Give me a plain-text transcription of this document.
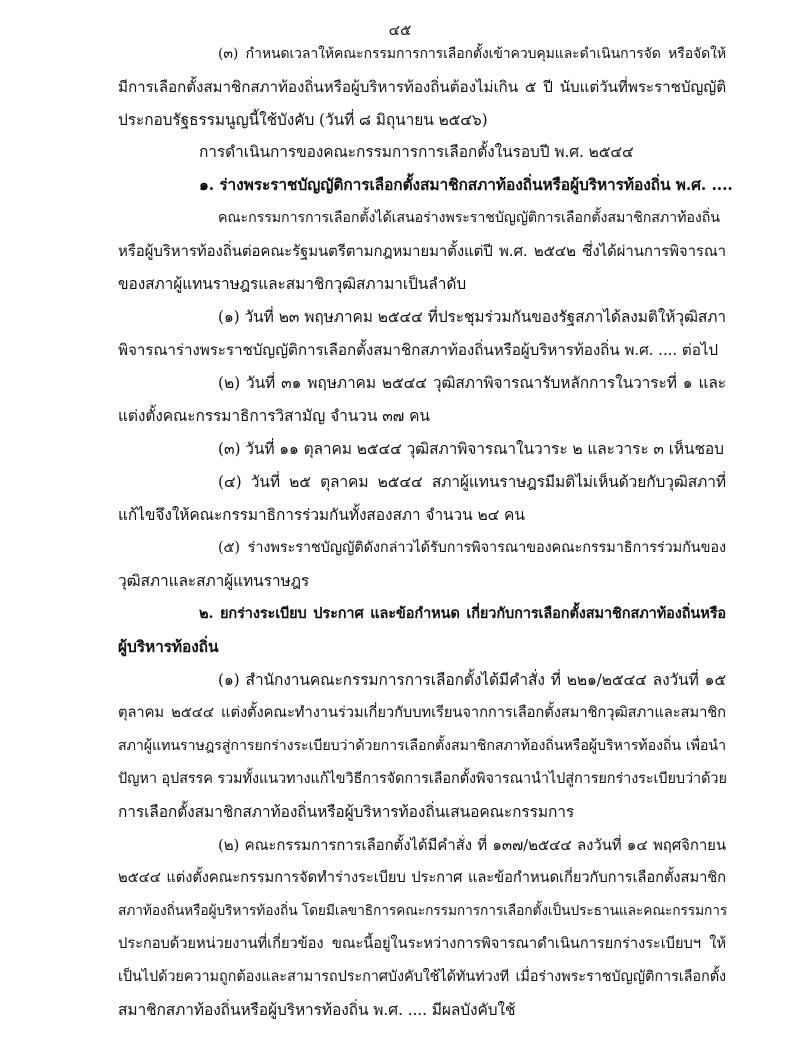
๔๕
(๓) กำหนดเวลาให้คณะกรรมการการเลือกตั้งเข้าควบคุมและดำเนินการจัด หรือจัดให้
มีการเลือกตั้งสมาชิกสภาท้องถิ่นหรือผู้บริหารท้องถิ่นต้องไม่เกิน ๕ ปี นับแต่วันที่พระราชบัญญัติ
ประกอบรัฐธรรมนูญนี้ใช้บังคับ (วันที่ ๘ มิถุนายน ๒๕๔๖)
การดำเนินการของคณะกรรมการการเลือกตั้งในรอบปี พ.ศ. ๒๕๔๔
๑. ร่างพระราชบัญญัติการเลือกตั้งสมาชิกสภาท้องถิ่นหรือผู้บริหารท้องถิ่น พ.ศ. ....
คณะกรรมการการเลือกตั้งได้เสนอร่างพระราชบัญญัติการเลือกตั้งสมาชิกสภาท้องถิ่น
หรือผู้บริหารท้องถิ่นต่อคณะรัฐมนตรีตามกฎหมายมาตั้งแต่ปี พ.ศ. ๒๕๔๒ ซึ่งได้ผ่านการพิจารณา
ของสภาผู้แทนราษฎรและสมาชิกวุฒิสภามาเป็นลำดับ
(๑) วันที่ ๒๓ พฤษภาคม ๒๕๔๔ ที่ประชุมร่วมกันของรัฐสภาได้ลงมติให้วุฒิสภา
พิจารณาร่างพระราชบัญญัติการเลือกตั้งสมาชิกสภาท้องถิ่นหรือผู้บริหารท้องถิ่น พ.ศ. .... ต่อไป
(๒) วันที่ ๓๑ พฤษภาคม ๒๕๔๔ วุฒิสภาพิจารณารับหลักการในวาระที่ ๑ และ
แต่งตั้งคณะกรรมาธิการวิสามัญ จำนวน ๓๗ คน
(๓) วันที่ ๑๑ ตุลาคม ๒๕๔๔ วุฒิสภาพิจารณาในวาระ ๒ และวาระ ๓ เห็นชอบ
(๔) วันที่ ๒๕ ตุลาคม ๒๕๔๔ สภาผู้แทนราษฎรมีมติไม่เห็นด้วยกับวุฒิสภาที่
แก้ไขจึงให้คณะกรรมาธิการร่วมกันทั้งสองสภา จำนวน ๒๔ คน
(๕) ร่างพระราชบัญญัติดังกล่าวได้รับการพิจารณาของคณะกรรมาธิการร่วมกันของ
วุฒิสภาและสภาผู้แทนราษฎร
๒. ยกร่างระเบียบ ประกาศ และข้อกำหนด เกี่ยวกับการเลือกตั้งสมาชิกสภาท้องถิ่นหรือ
ผู้บริหารท้องถิ่น
(๑) สำนักงานคณะกรรมการการเลือกตั้งได้มีคำสั่ง ที่ ๒๒๑/๒๕๔๔ ลงวันที่ ๑๕
ตุลาคม ๒๕๔๔ แต่งตั้งคณะทำงานร่วมเกี่ยวกับบทเรียนจากการเลือกตั้งสมาชิกวุฒิสภาและสมาชิก
สภาผู้แทนราษฎรสู่การยกร่างระเบียบว่าด้วยการเลือกตั้งสมาชิกสภาท้องถิ่นหรือผู้บริหารท้องถิ่น เพื่อนำ
ปัญหา อุปสรรค รวมทั้งแนวทางแก้ไขวิธีการจัดการเลือกตั้งพิจารณานำไปสู่การยกร่างระเบียบว่าด้วย
การเลือกตั้งสมาชิกสภาท้องถิ่นหรือผู้บริหารท้องถิ่นเสนอคณะกรรมการ
(๒) คณะกรรมการการเลือกตั้งได้มีคำสั่ง ที่ ๑๓๗/๒๕๔๔ ลงวันที่ ๑๔ พฤศจิกายน
๒๕๔๔ แต่งตั้งคณะกรรมการจัดทำร่างระเบียบ ประกาศ และข้อกำหนดเกี่ยวกับการเลือกตั้งสมาชิก
สภาท้องถิ่นหรือผู้บริหารท้องถิ่น โดยมีเลขาธิการคณะกรรมการการเลือกตั้งเป็นประธานและคณะกรรมการ
ประกอบด้วยหน่วยงานที่เกี่ยวข้อง ขณะนี้อยู่ในระหว่างการพิจารณาดำเนินการยกร่างระเบียบฯ ให้
เป็นไปด้วยความถูกต้องและสามารถประกาศบังคับใช้ได้ทันท่วงที เมื่อร่างพระราชบัญญัติการเลือกตั้ง
สมาชิกสภาท้องถิ่นหรือผู้บริหารท้องถิ่น พ.ศ. .... มีผลบังคับใช้
